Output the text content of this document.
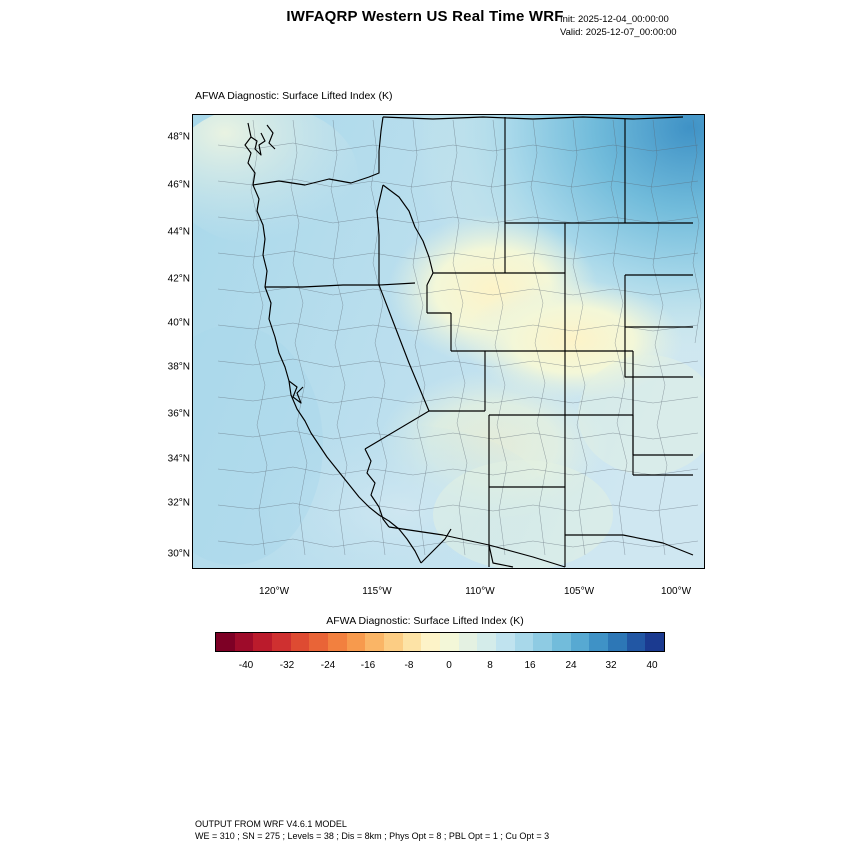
IWFAQRP Western US Real Time WRF
Init: 2025-12-04_00:00:00
Valid: 2025-12-07_00:00:00
AFWA Diagnostic: Surface Lifted Index (K)
48°N
46°N
44°N
42°N
40°N
38°N
36°N
34°N
32°N
30°N
120°W	115°W	110°W	105°W	100°W
AFWA Diagnostic: Surface Lifted Index (K)
-40	-32	-24	-16	-8	0	8	16	24	32	40
OUTPUT FROM WRF V4.6.1 MODEL
WE = 310 ; SN = 275 ; Levels = 38 ; Dis = 8km ; Phys Opt = 8 ; PBL Opt = 1 ; Cu Opt = 3
